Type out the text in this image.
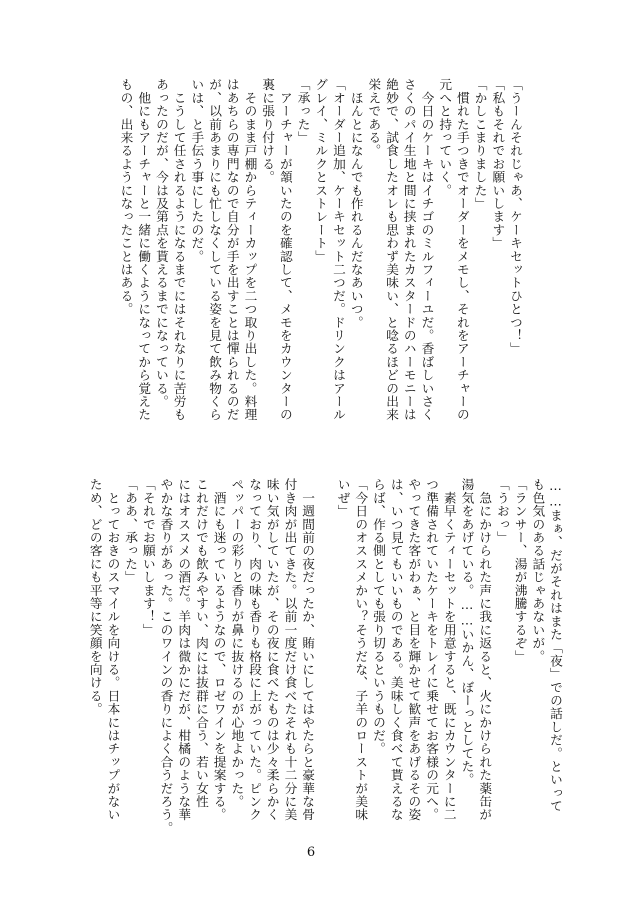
「うーんそれじゃあ、ケーキセットひとつ！」
「私もそれでお願いします」
「かしこまりました」
　慣れた手つきでオーダーをメモし、それをアーチャーの
元へと持っていく。
　今日のケーキはイチゴのミルフィーユだ。香ばしいさく
さくのパイ生地と間に挟まれたカスタードのハーモニーは
絶妙で、試食したオレも思わず美味い、と唸るほどの出来
栄えである。
　ほんとになんでも作れるんだなあいつ。
「オーダー追加、ケーキセット二つだ。ドリンクはアール
グレイ、ミルクとストレート」
「承った」
　アーチャーが頷いたのを確認して、メモをカウンターの
裏に張り付ける。
　そのまま戸棚からティーカップを二つ取り出した。料理
はあちらの専門なので自分が手を出すことは憚られるのだ
が、以前あまりにも忙しなくしている姿を見て飲み物くら
いは、と手伝う事にしたのだ。
　こうして任されるようになるまでにはそれなりに苦労も
あったのだが、今は及第点を貰えるまでになっている。
　他にもアーチャーと一緒に働くようになってから覚えた
もの、出来るようになったことはある。
……まぁ、だがそれはまた「夜」での話しだ。といって
も色気のある話じゃあないが。
「ランサー、湯が沸騰するぞ」
「うおっ」
　急にかけられた声に我に返ると、火にかけられた薬缶が
湯気をあげている。……いかん、ぼーっとしてた。
　素早くティーセットを用意すると、既にカウンターに二
つ準備されていたケーキをトレイに乗せてお客様の元へ。
やってきた客がわぁ、と目を輝かせて歓声をあげるその姿
は、いつ見てもいいものである。美味しく食べて貰えるな
らば、作る側としても張り切るというものだ。
「今日のオススメかい？そうだな、子羊のローストが美味
いぜ」
　一週間前の夜だったか、賄いにしてはやたらと豪華な骨
付き肉が出てきた。以前一度だけ食べたそれも十二分に美
味い気がしていたが、その夜に食べたものは少々柔らかく
なっており、肉の味も香りも格段に上がっていた。ピンク
ペッパーの彩りと香りが鼻に抜けるのが心地よかった。
　酒にも迷っているようなので、ロゼワインを提案する。
これだけでも飲みやすい、肉には抜群に合う、若い女性
にはオススメの酒だ。羊肉は微かにだが、柑橘のような華
やかな香りがあった。このワインの香りによく合うだろう。
「それでお願いします！」
「ああ、承った」
　とっておきのスマイルを向ける。日本にはチップがない
ため、どの客にも平等に笑顔を向ける。
6
